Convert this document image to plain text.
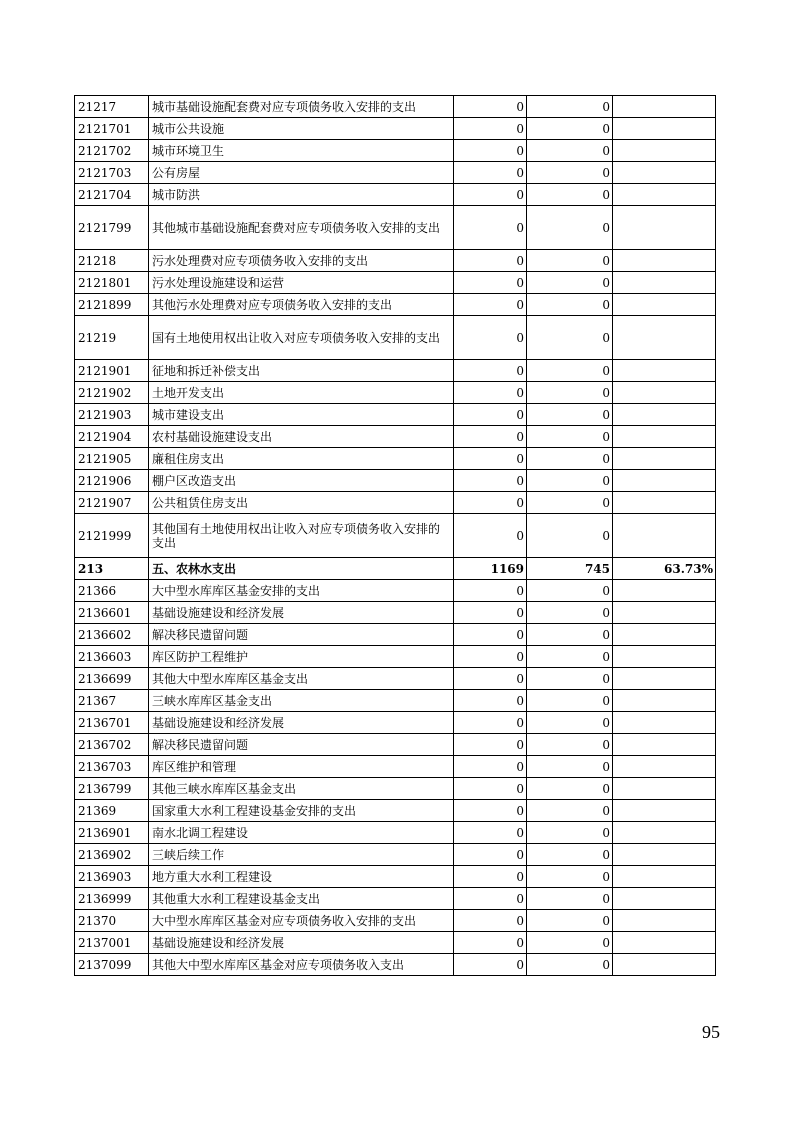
21217	城市基础设施配套费对应专项债务收入安排的支出	0	0	
2121701	城市公共设施	0	0	
2121702	城市环境卫生	0	0	
2121703	公有房屋	0	0	
2121704	城市防洪	0	0	
2121799	其他城市基础设施配套费对应专项债务收入安排的支出	0	0	
21218	污水处理费对应专项债务收入安排的支出	0	0	
2121801	污水处理设施建设和运营	0	0	
2121899	其他污水处理费对应专项债务收入安排的支出	0	0	
21219	国有土地使用权出让收入对应专项债务收入安排的支出	0	0	
2121901	征地和拆迁补偿支出	0	0	
2121902	土地开发支出	0	0	
2121903	城市建设支出	0	0	
2121904	农村基础设施建设支出	0	0	
2121905	廉租住房支出	0	0	
2121906	棚户区改造支出	0	0	
2121907	公共租赁住房支出	0	0	
2121999	其他国有土地使用权出让收入对应专项债务收入安排的支出	0	0	
213	五、农林水支出	1169	745	63.73%
21366	大中型水库库区基金安排的支出	0	0	
2136601	基础设施建设和经济发展	0	0	
2136602	解决移民遗留问题	0	0	
2136603	库区防护工程维护	0	0	
2136699	其他大中型水库库区基金支出	0	0	
21367	三峡水库库区基金支出	0	0	
2136701	基础设施建设和经济发展	0	0	
2136702	解决移民遗留问题	0	0	
2136703	库区维护和管理	0	0	
2136799	其他三峡水库库区基金支出	0	0	
21369	国家重大水利工程建设基金安排的支出	0	0	
2136901	南水北调工程建设	0	0	
2136902	三峡后续工作	0	0	
2136903	地方重大水利工程建设	0	0	
2136999	其他重大水利工程建设基金支出	0	0	
21370	大中型水库库区基金对应专项债务收入安排的支出	0	0	
2137001	基础设施建设和经济发展	0	0	
2137099	其他大中型水库库区基金对应专项债务收入支出	0	0	
95
